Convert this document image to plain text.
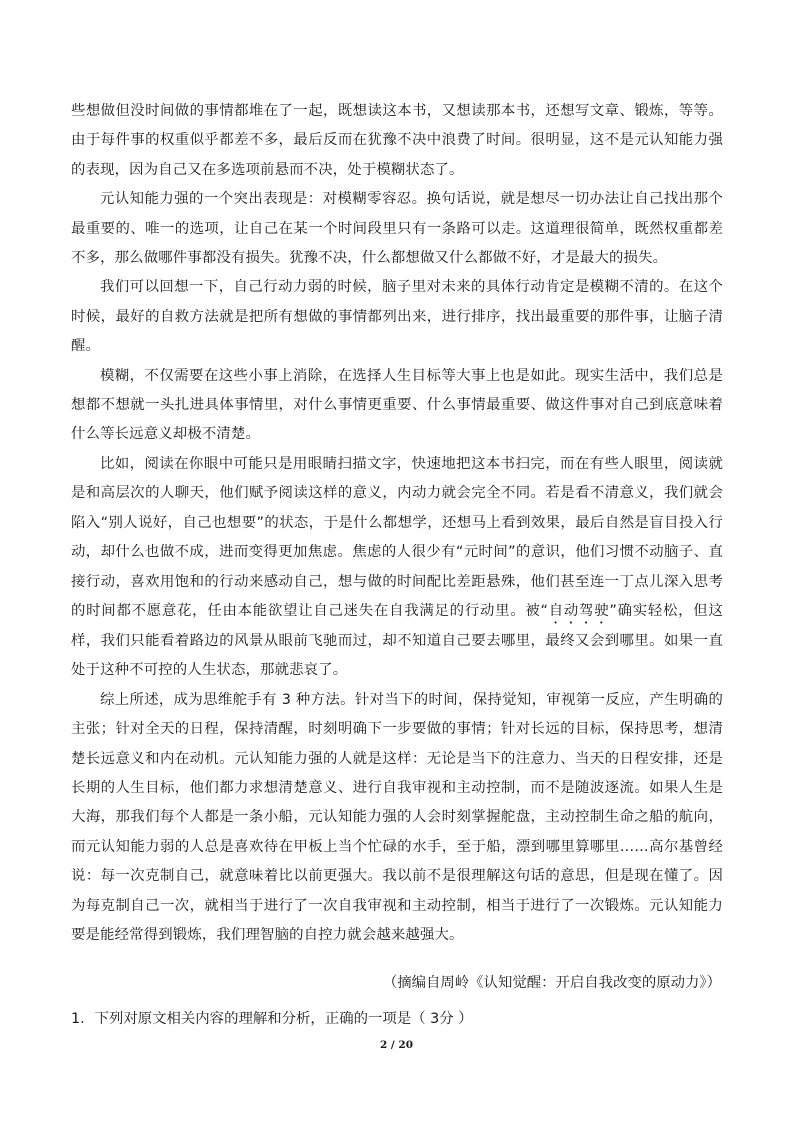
些想做但没时间做的事情都堆在了一起，既想读这本书，又想读那本书，还想写文章、锻炼，等等。由于每件事的权重似乎都差不多，最后反而在犹豫不决中浪费了时间。很明显，这不是元认知能力强的表现，因为自己又在多选项前悬而不决，处于模糊状态了。

元认知能力强的一个突出表现是：对模糊零容忍。换句话说，就是想尽一切办法让自己找出那个最重要的、唯一的选项，让自己在某一个时间段里只有一条路可以走。这道理很简单，既然权重都差不多，那么做哪件事都没有损失。犹豫不决，什么都想做又什么都做不好，才是最大的损失。

我们可以回想一下，自己行动力弱的时候，脑子里对未来的具体行动肯定是模糊不清的。在这个时候，最好的自救方法就是把所有想做的事情都列出来，进行排序，找出最重要的那件事，让脑子清醒。

模糊，不仅需要在这些小事上消除，在选择人生目标等大事上也是如此。现实生活中，我们总是想都不想就一头扎进具体事情里，对什么事情更重要、什么事情最重要、做这件事对自己到底意味着什么等长远意义却极不清楚。

比如，阅读在你眼中可能只是用眼睛扫描文字，快速地把这本书扫完，而在有些人眼里，阅读就是和高层次的人聊天，他们赋予阅读这样的意义，内动力就会完全不同。若是看不清意义，我们就会陷入“别人说好，自己也想要”的状态，于是什么都想学，还想马上看到效果，最后自然是盲目投入行动，却什么也做不成，进而变得更加焦虑。焦虑的人很少有“元时间”的意识，他们习惯不动脑子、直接行动，喜欢用饱和的行动来感动自己，想与做的时间配比差距悬殊，他们甚至连一丁点儿深入思考的时间都不愿意花，任由本能欲望让自己迷失在自我满足的行动里。被“自动驾驶”确实轻松，但这样，我们只能看着路边的风景从眼前飞驰而过，却不知道自己要去哪里，最终又会到哪里。如果一直处于这种不可控的人生状态，那就悲哀了。

综上所述，成为思维舵手有 3 种方法。针对当下的时间，保持觉知，审视第一反应，产生明确的主张；针对全天的日程，保持清醒，时刻明确下一步要做的事情；针对长远的目标，保持思考，想清楚长远意义和内在动机。元认知能力强的人就是这样：无论是当下的注意力、当天的日程安排，还是长期的人生目标，他们都力求想清楚意义、进行自我审视和主动控制，而不是随波逐流。如果人生是大海，那我们每个人都是一条小船，元认知能力强的人会时刻掌握舵盘，主动控制生命之船的航向，而元认知能力弱的人总是喜欢待在甲板上当个忙碌的水手，至于船，漂到哪里算哪里……高尔基曾经说：每一次克制自己，就意味着比以前更强大。我以前不是很理解这句话的意思，但是现在懂了。因为每克制自己一次，就相当于进行了一次自我审视和主动控制，相当于进行了一次锻炼。元认知能力要是能经常得到锻炼，我们理智脑的自控力就会越来越强大。

（摘编自周岭《认知觉醒：开启自我改变的原动力》）
1．下列对原文相关内容的理解和分析，正确的一项是（ 3分 ）
2 / 20
